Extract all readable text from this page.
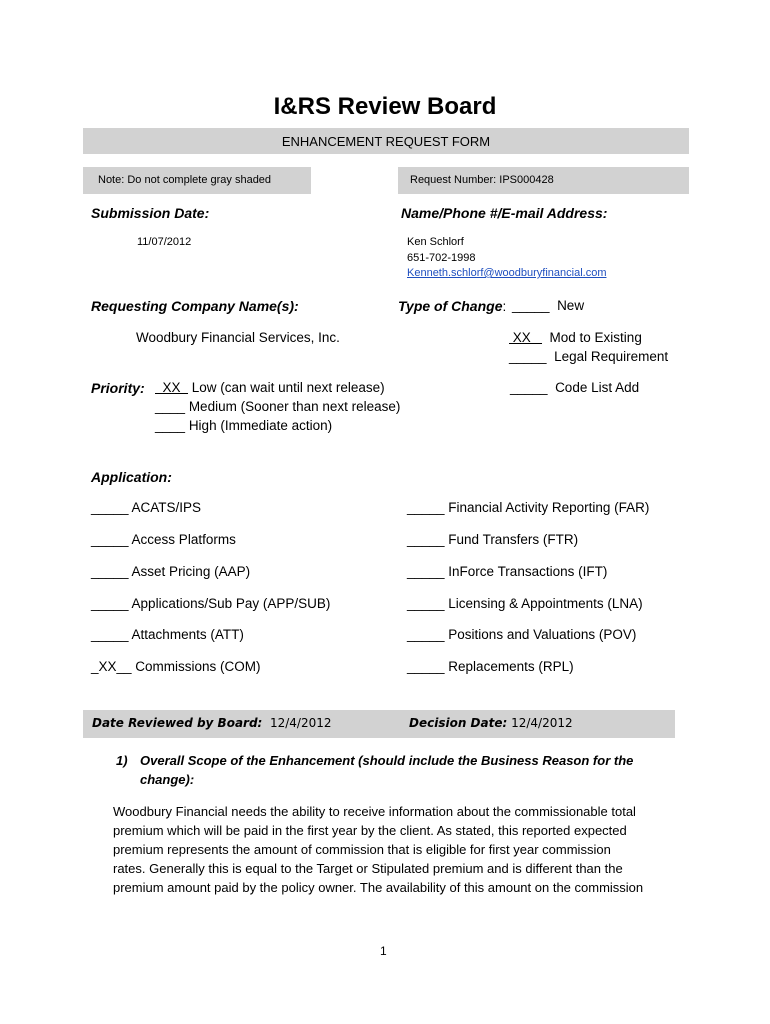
I&RS Review Board
ENHANCEMENT REQUEST FORM
Note: Do not complete gray shaded	Request Number: IPS000428
Submission Date:
11/07/2012
Name/Phone #/E-mail Address:
Ken Schlorf
651-702-1998
Kenneth.schlorf@woodburyfinancial.com
Requesting Company Name(s):
Woodbury Financial Services, Inc.
Type of Change: _____ New
XX     Mod to Existing
_____ Legal Requirement
_____ Code List Add
Priority: XX   Low (can wait until next release)
____ Medium (Sooner than next release)
____ High (Immediate action)
Application:
_____ ACATS/IPS
_____ Access Platforms
_____ Asset Pricing (AAP)
_____ Applications/Sub Pay (APP/SUB)
_____ Attachments (ATT)
_XX__ Commissions (COM)
_____ Financial Activity Reporting (FAR)
_____ Fund Transfers (FTR)
_____ InForce Transactions (IFT)
_____ Licensing & Appointments (LNA)
_____ Positions and Valuations (POV)
_____ Replacements (RPL)
Date Reviewed by Board: 12/4/2012	Decision Date: 12/4/2012
1) Overall Scope of the Enhancement (should include the Business Reason for the
change):
Woodbury Financial needs the ability to receive information about the commissionable total
premium which will be paid in the first year by the client. As stated, this reported expected
premium represents the amount of commission that is eligible for first year commission
rates. Generally this is equal to the Target or Stipulated premium and is different than the
premium amount paid by the policy owner. The availability of this amount on the commission
1
